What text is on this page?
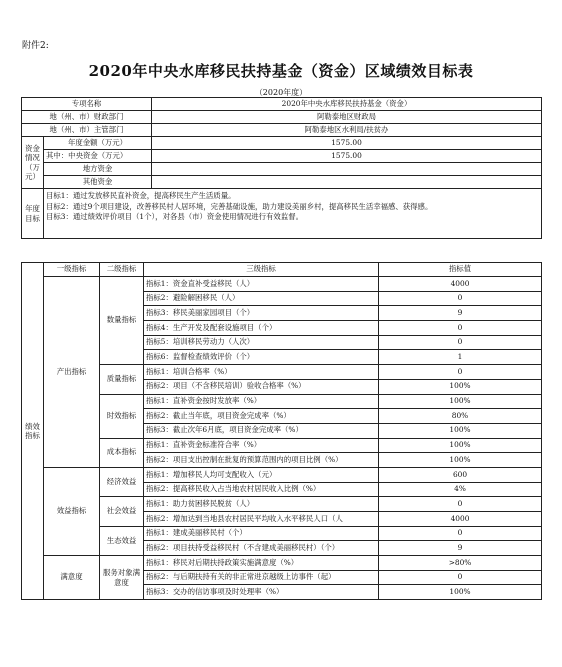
附件2:
2020年中央水库移民扶持基金（资金）区域绩效目标表
（2020年度）
专项名称		2020年中央水库移民扶持基金（资金）
地（州、市）财政部门		阿勒泰地区财政局
地（州、市）主管部门		阿勒泰地区水利局/扶贫办
资金情况（万元）	年度金额（万元）	1575.00
	其中：中央资金（万元）	1575.00
	地方资金	
	其他资金	
年度目标	目标1：通过发放移民直补资金，提高移民生产生活质量。
目标2：通过9个项目建设，改善移民村人居环境，完善基础设施，助力建设美丽乡村，提高移民生活幸福感、获得感。
目标3：通过绩效评价项目（1个），对各县（市）资金使用情况进行有效监督。	
绩效指标	一级指标	二级指标	三级指标	指标值
	产出指标	数量指标	指标1：资金直补受益移民（人）	4000
			指标2：避险解困移民（人）	0
			指标3：移民美丽家园项目（个）	9
			指标4：生产开发及配套设施项目（个）	0
			指标5：培训移民劳动力（人次）	0
			指标6：监督检查绩效评价（个）	1
		质量指标	指标1：培训合格率（%）	0
			指标2：项目（不含移民培训）验收合格率（%）	100%
		时效指标	指标1：直补资金按时发放率（%）	100%
			指标2：截止当年底，项目资金完成率（%）	80%
			指标3：截止次年6月底，项目资金完成率（%）	100%
		成本指标	指标1：直补资金标准符合率（%）	100%
			指标2：项目支出控制在批复的预算范围内的项目比例（%）	100%
	效益指标	经济效益	指标1：增加移民人均可支配收入（元）	600
			指标2：提高移民收入占当地农村居民收入比例（%）	4%
		社会效益	指标1：助力贫困移民脱贫（人）	0
			指标2：增加达到当地县农村居民平均收入水平移民人口（人	4000
		生态效益	指标1：建成美丽移民村（个）	0
			指标2：项目扶持受益移民村（不含建成美丽移民村）（个）	9
	满意度	服务对象满意度	指标1：移民对后期扶持政策实施满意度（%）	>80%
			指标2：与后期扶持有关的非正常进京越级上访事件（起）	0
			指标3：交办的信访事项及时处理率（%）	100%
